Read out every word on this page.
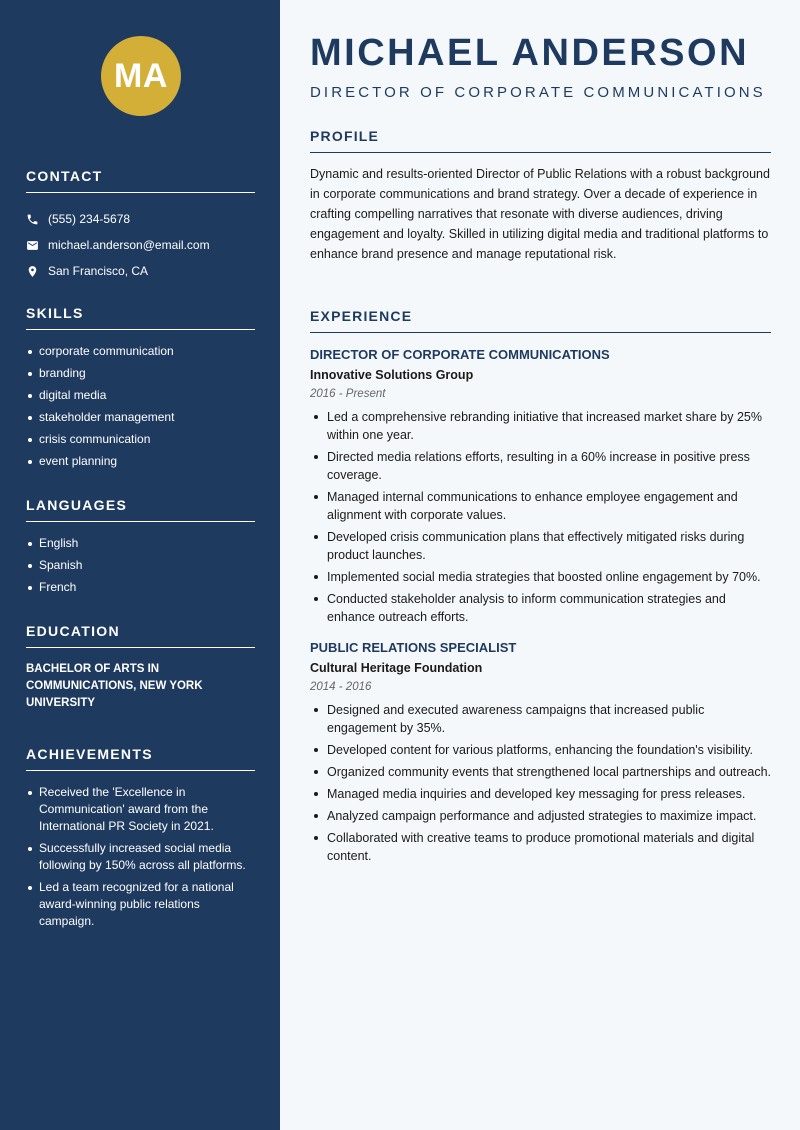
MA
CONTACT
(555) 234-5678
michael.anderson@email.com
San Francisco, CA
SKILLS
corporate communication
branding
digital media
stakeholder management
crisis communication
event planning
LANGUAGES
English
Spanish
French
EDUCATION
BACHELOR OF ARTS IN COMMUNICATIONS, NEW YORK UNIVERSITY
ACHIEVEMENTS
Received the 'Excellence in Communication' award from the International PR Society in 2021.
Successfully increased social media following by 150% across all platforms.
Led a team recognized for a national award-winning public relations campaign.
MICHAEL ANDERSON
DIRECTOR OF CORPORATE COMMUNICATIONS
PROFILE

Dynamic and results-oriented Director of Public Relations with a robust background in corporate communications and brand strategy. Over a decade of experience in crafting compelling narratives that resonate with diverse audiences, driving engagement and loyalty. Skilled in utilizing digital media and traditional platforms to enhance brand presence and manage reputational risk.

EXPERIENCE
DIRECTOR OF CORPORATE COMMUNICATIONS
Innovative Solutions Group
2016 - Present
Led a comprehensive rebranding initiative that increased market share by 25% within one year.
Directed media relations efforts, resulting in a 60% increase in positive press coverage.
Managed internal communications to enhance employee engagement and alignment with corporate values.
Developed crisis communication plans that effectively mitigated risks during product launches.
Implemented social media strategies that boosted online engagement by 70%.
Conducted stakeholder analysis to inform communication strategies and enhance outreach efforts.
PUBLIC RELATIONS SPECIALIST
Cultural Heritage Foundation
2014 - 2016
Designed and executed awareness campaigns that increased public engagement by 35%.
Developed content for various platforms, enhancing the foundation's visibility.
Organized community events that strengthened local partnerships and outreach.
Managed media inquiries and developed key messaging for press releases.
Analyzed campaign performance and adjusted strategies to maximize impact.
Collaborated with creative teams to produce promotional materials and digital content.
